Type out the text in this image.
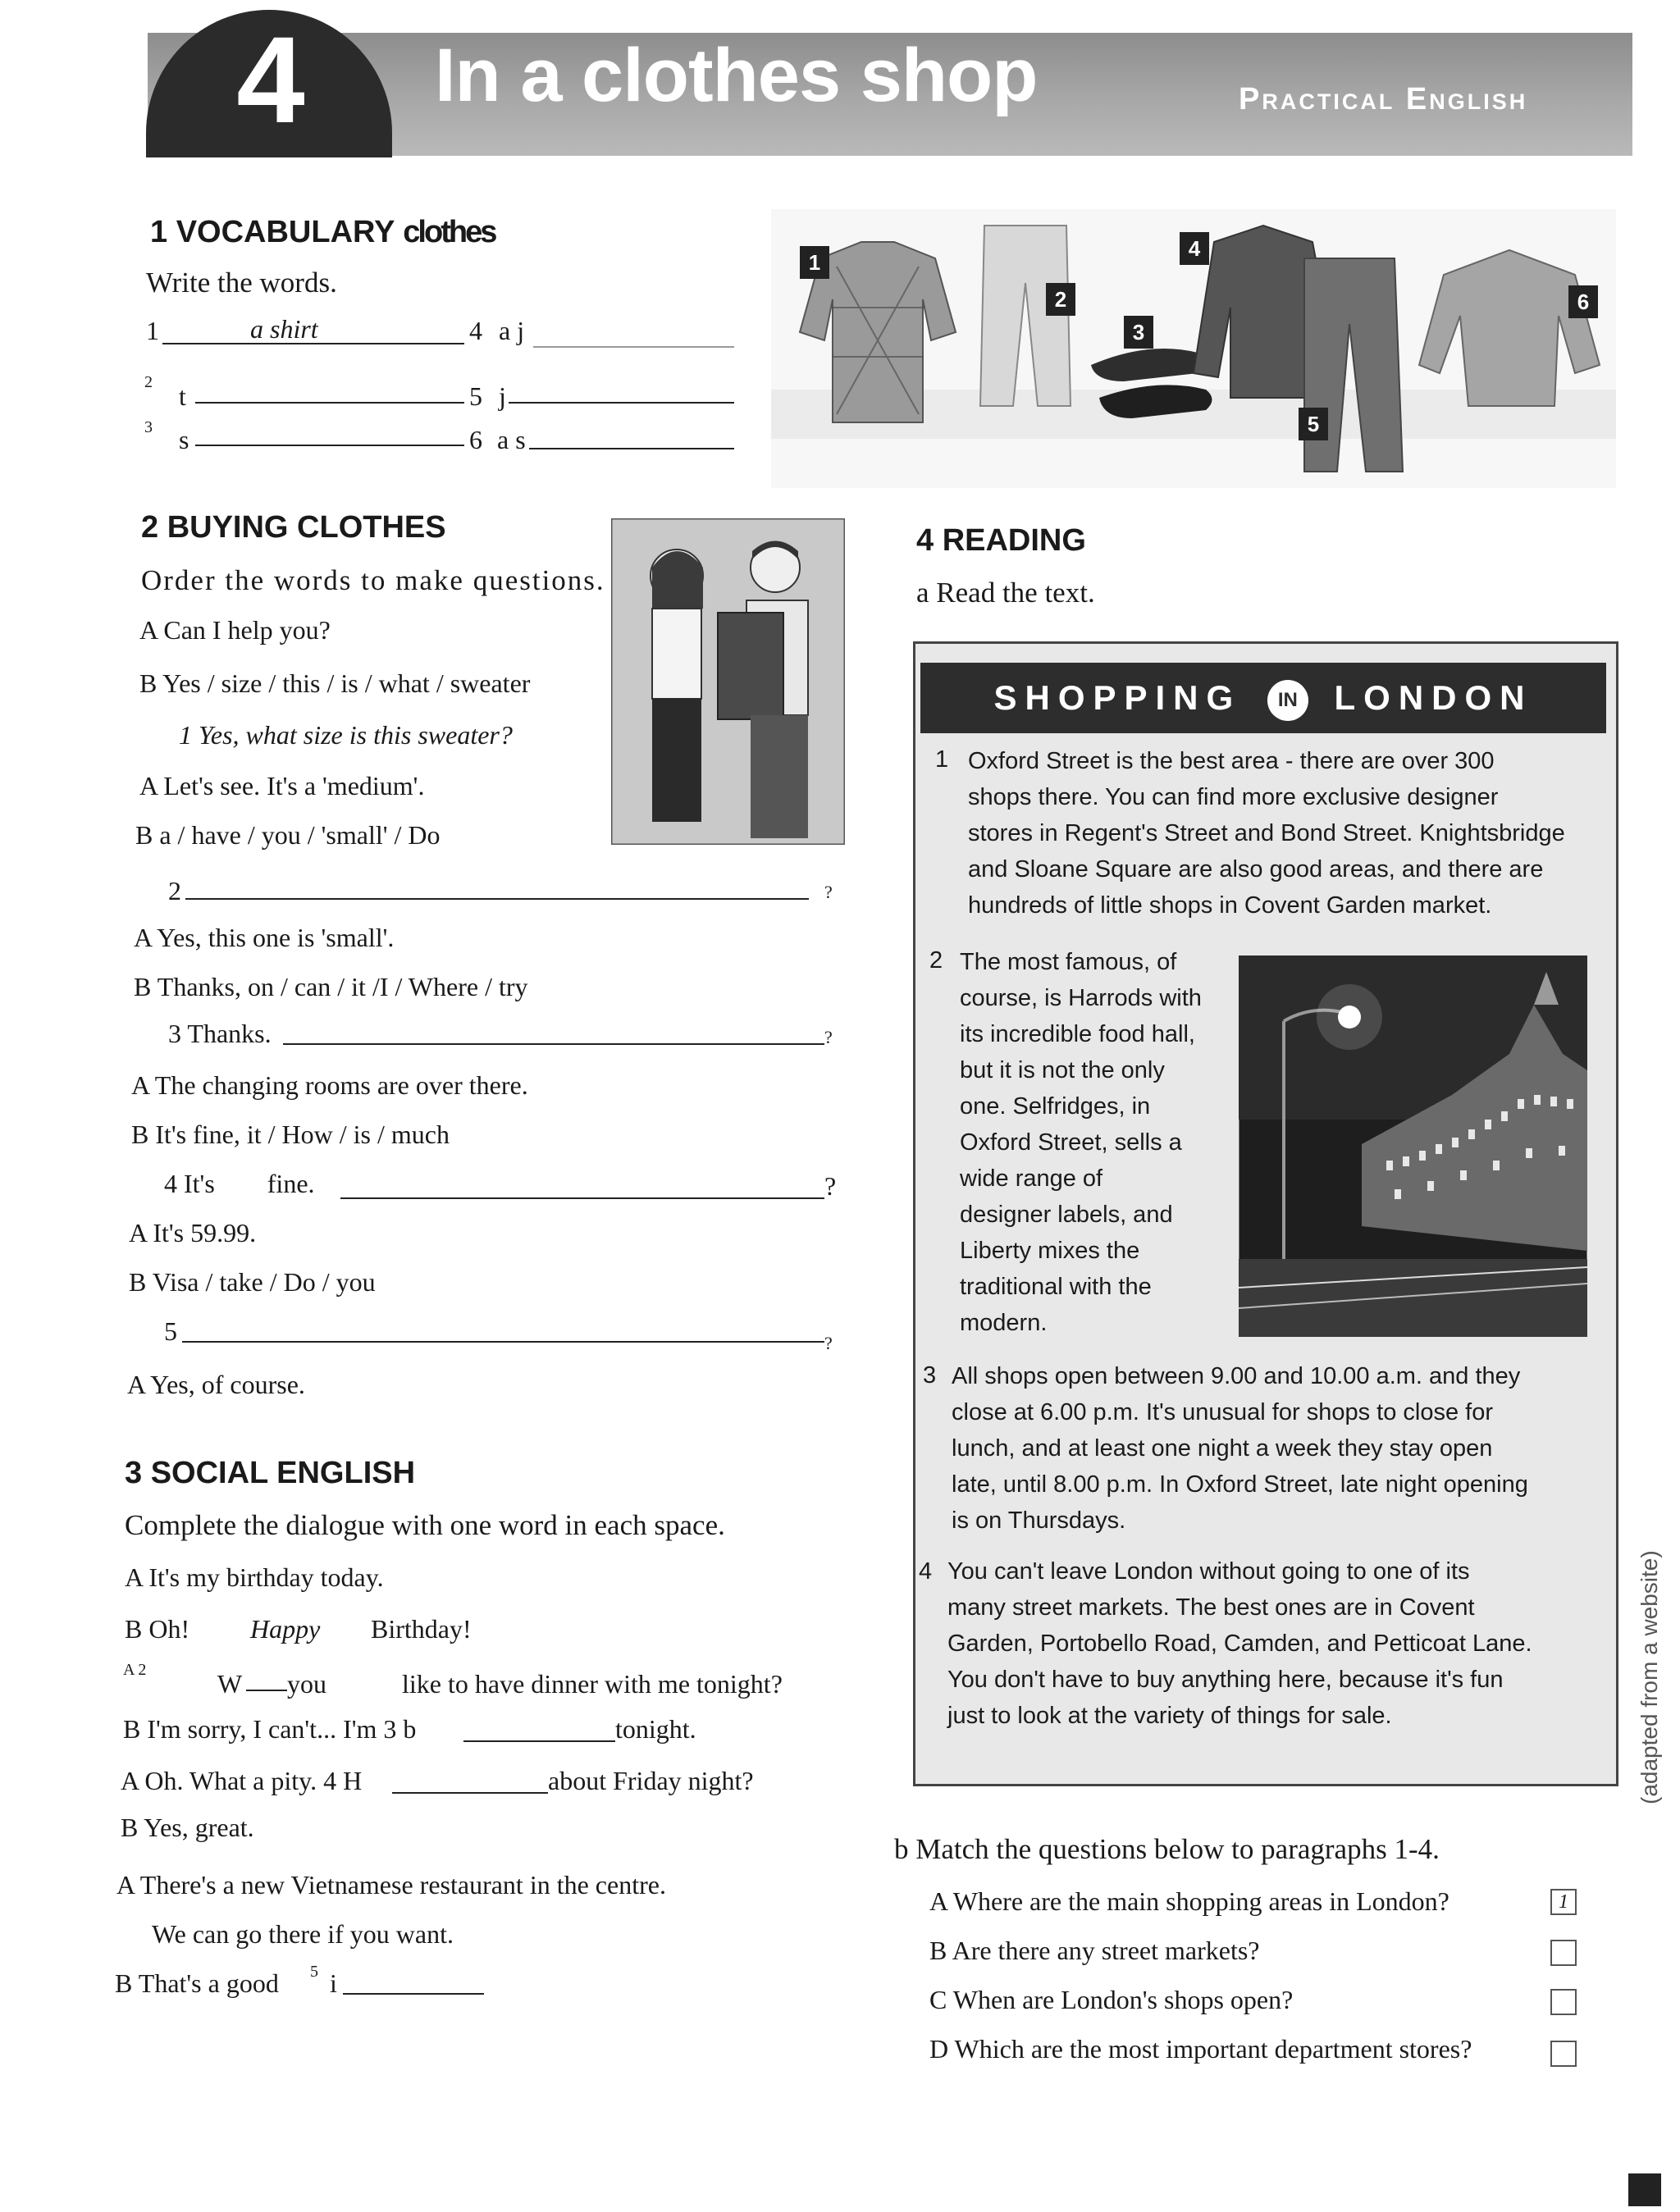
4 In a clothes shop	Practical English
1 VOCABULARY clothes
Write the words.
1	a shirt	4 a j
2 t	5 j
3 s	6 a s
1
2
3
4
5
6
2 BUYING CLOTHES
Order the words to make questions.
A Can I help you?
B Yes / size / this / is / what / sweater
1 Yes, what size is this sweater?
A Let's see. It's a 'medium'.
B a / have / you / 'small' / Do
2	?
A Yes, this one is 'small'.
B Thanks, on / can / it /I / Where / try
3 Thanks.	?
A The changing rooms are over there.
B It's fine, it / How / is / much
4 It's        fine.	?
A It's 59.99.
B Visa / take / Do / you
5	?
A Yes, of course.
3 SOCIAL ENGLISH
Complete the dialogue with one word in each space.
A It's my birthday today.
B Oh! Happy Birthday!
A 2	W you	like to have dinner with me tonight?
B I'm sorry, I can't... I'm 3 b	tonight.
A Oh. What a pity. 4 H	about Friday night?
B Yes, great.
A There's a new Vietnamese restaurant in the centre.
We can go there if you want.
B That's a good 5 i
4 READING
a Read the text.
SHOPPING IN LONDON
1 Oxford Street is the best area - there are over 300
shops there. You can find more exclusive designer
stores in Regent's Street and Bond Street. Knightsbridge
and Sloane Square are also good areas, and there are
hundreds of little shops in Covent Garden market.
2 The most famous, of
course, is Harrods with
its incredible food hall,
but it is not the only
one. Selfridges, in
Oxford Street, sells a
wide range of
designer labels, and
Liberty mixes the
traditional with the
modern.
3 All shops open between 9.00 and 10.00 a.m. and they
close at 6.00 p.m. It's unusual for shops to close for
lunch, and at least one night a week they stay open
late, until 8.00 p.m. In Oxford Street, late night opening
is on Thursdays.
4 You can't leave London without going to one of its
many street markets. The best ones are in Covent
Garden, Portobello Road, Camden, and Petticoat Lane.
You don't have to buy anything here, because it's fun
just to look at the variety of things for sale.	(adapted from a website)
b Match the questions below to paragraphs 1-4.
A Where are the main shopping areas in London?	1
B Are there any street markets?
C When are London's shops open?
D Which are the most important department stores?
